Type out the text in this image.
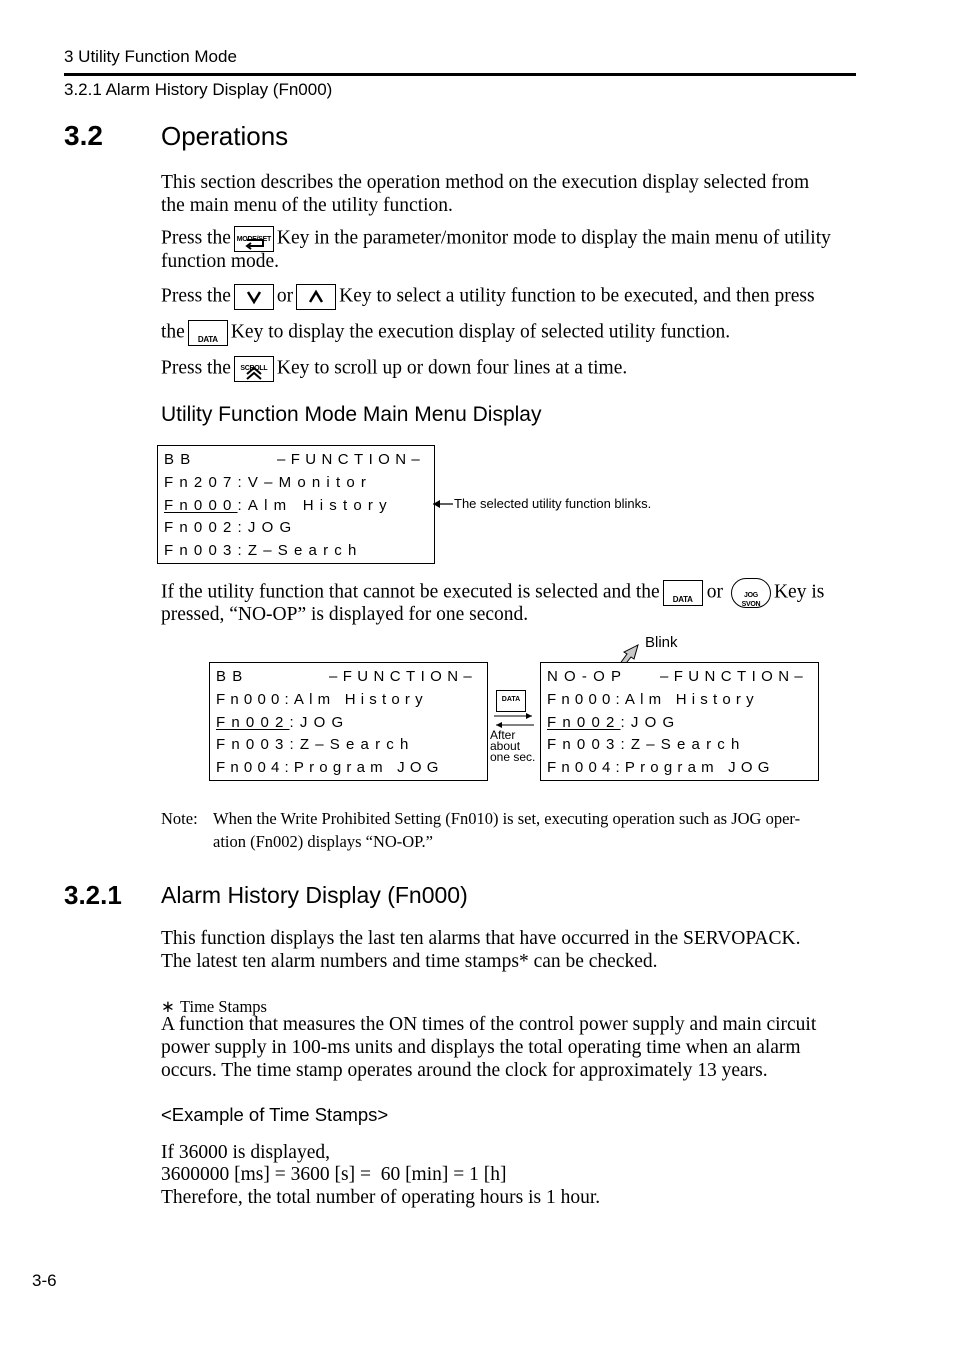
3 Utility Function Mode
3.2.1 Alarm History Display (Fn000)
3.2 Operations
This section describes the operation method on the execution display selected from
the main menu of the utility function.
Press the MODE/SET Key in the parameter/monitor mode to display the main menu of utility
function mode.
Press the or Key to select a utility function to be executed, and then press
the	DATA Key to display the execution display of selected utility function.
Press the	SCROLL Key to scroll up or down four lines at a time.
Utility Function Mode Main Menu Display
BB	–FUNCTION–
Fn207:V–Monitor
Fn000:Alm History
Fn002:JOG
Fn003:Z–Search
The selected utility function blinks.
If the utility function that cannot be executed is selected and the	DATA or	JOG
SVON
Key is
pressed, “NO-OP” is displayed for one second.
Blink
BB	–FUNCTION–
Fn000:Alm History
Fn002:JOG
Fn003:Z–Search
Fn004:Program JOG
DATA
After
about
one sec.
NO-OP –FUNCTION–
Fn000:Alm History
Fn002:JOG
Fn003:Z–Search
Fn004:Program JOG
Note: When the Write Prohibited Setting (Fn010) is set, executing operation such as JOG oper-
ation (Fn002) displays “NO-OP.”
3.2.1 Alarm History Display (Fn000)
This function displays the last ten alarms that have occurred in the SERVOPACK.
The latest ten alarm numbers and time stamps* can be checked.
∗ Time Stamps
A function that measures the ON times of the control power supply and main circuit
power supply in 100-ms units and displays the total operating time when an alarm
occurs. The time stamp operates around the clock for approximately 13 years.
<Example of Time Stamps>
If 36000 is displayed,
3600000 [ms] = 3600 [s] =  60 [min] = 1 [h]
Therefore, the total number of operating hours is 1 hour.
3-6
